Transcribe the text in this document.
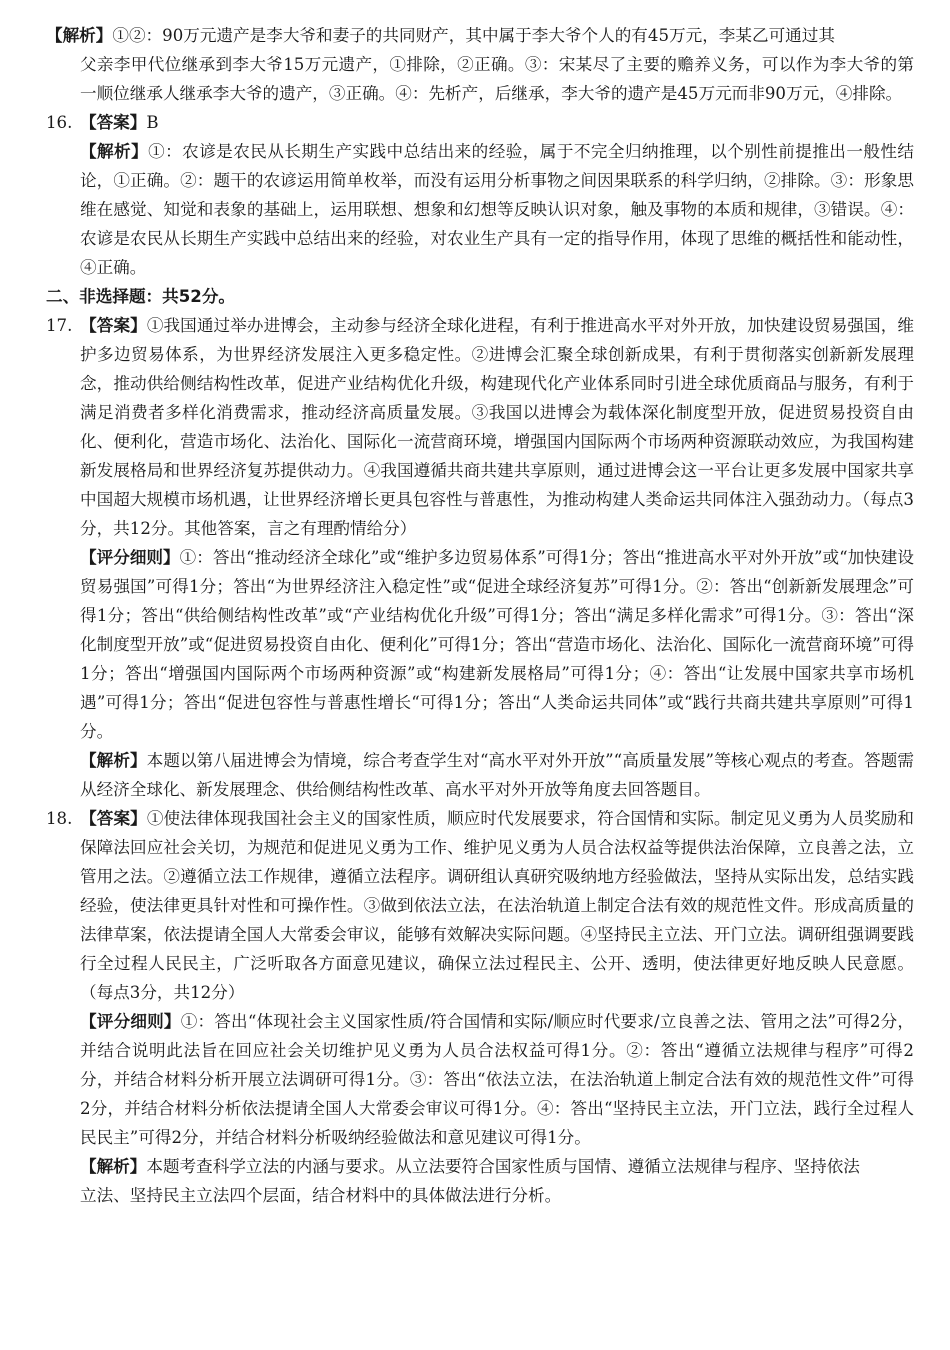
【解析】①②：90万元遗产是李大爷和妻子的共同财产，其中属于李大爷个人的有45万元，李某乙可通过其

父亲李甲代位继承到李大爷15万元遗产，①排除，②正确。③：宋某尽了主要的赡养义务，可以作为李大爷的第一顺位继承人继承李大爷的遗产，③正确。④：先析产，后继承，李大爷的遗产是45万元而非90万元，④排除。

16. 【答案】B

【解析】①：农谚是农民从长期生产实践中总结出来的经验，属于不完全归纳推理，以个别性前提推出一般性结论，①正确。②：题干的农谚运用简单枚举，而没有运用分析事物之间因果联系的科学归纳，②排除。③：形象思维在感觉、知觉和表象的基础上，运用联想、想象和幻想等反映认识对象，触及事物的本质和规律，③错误。④：农谚是农民从长期生产实践中总结出来的经验，对农业生产具有一定的指导作用，体现了思维的概括性和能动性，④正确。

二、非选择题：共52分。

17. 【答案】①我国通过举办进博会，主动参与经济全球化进程，有利于推进高水平对外开放，加快建设贸易强国，维护多边贸易体系，为世界经济发展注入更多稳定性。②进博会汇聚全球创新成果，有利于贯彻落实创新新发展理念，推动供给侧结构性改革，促进产业结构优化升级，构建现代化产业体系同时引进全球优质商品与服务，有利于满足消费者多样化消费需求，推动经济高质量发展。③我国以进博会为载体深化制度型开放，促进贸易投资自由化、便利化，营造市场化、法治化、国际化一流营商环境，增强国内国际两个市场两种资源联动效应，为我国构建新发展格局和世界经济复苏提供动力。④我国遵循共商共建共享原则，通过进博会这一平台让更多发展中国家共享中国超大规模市场机遇，让世界经济增长更具包容性与普惠性，为推动构建人类命运共同体注入强劲动力。（每点3分，共12分。其他答案，言之有理酌情给分）

【评分细则】①：答出“推动经济全球化”或“维护多边贸易体系”可得1分；答出“推进高水平对外开放”或“加快建设贸易强国”可得1分；答出“为世界经济注入稳定性”或“促进全球经济复苏”可得1分。②：答出“创新新发展理念”可得1分；答出“供给侧结构性改革”或“产业结构优化升级”可得1分；答出“满足多样化需求”可得1分。③：答出“深化制度型开放”或“促进贸易投资自由化、便利化”可得1分；答出“营造市场化、法治化、国际化一流营商环境”可得1分；答出“增强国内国际两个市场两种资源”或“构建新发展格局”可得1分；④：答出“让发展中国家共享市场机遇”可得1分；答出“促进包容性与普惠性增长“可得1分；答出“人类命运共同体”或“践行共商共建共享原则”可得1分。

【解析】本题以第八届进博会为情境，综合考查学生对“高水平对外开放”“高质量发展”等核心观点的考查。答题需从经济全球化、新发展理念、供给侧结构性改革、高水平对外开放等角度去回答题目。

18. 【答案】①使法律体现我国社会主义的国家性质，顺应时代发展要求，符合国情和实际。制定见义勇为人员奖励和保障法回应社会关切，为规范和促进见义勇为工作、维护见义勇为人员合法权益等提供法治保障，立良善之法，立管用之法。②遵循立法工作规律，遵循立法程序。调研组认真研究吸纳地方经验做法，坚持从实际出发，总结实践经验，使法律更具针对性和可操作性。③做到依法立法，在法治轨道上制定合法有效的规范性文件。形成高质量的法律草案，依法提请全国人大常委会审议，能够有效解决实际问题。④坚持民主立法、开门立法。调研组强调要践行全过程人民民主，广泛听取各方面意见建议，确保立法过程民主、公开、透明，使法律更好地反映人民意愿。（每点3分，共12分）

【评分细则】①：答出“体现社会主义国家性质/符合国情和实际/顺应时代要求/立良善之法、管用之法”可得2分，并结合说明此法旨在回应社会关切维护见义勇为人员合法权益可得1分。②：答出“遵循立法规律与程序”可得2分，并结合材料分析开展立法调研可得1分。③：答出“依法立法，在法治轨道上制定合法有效的规范性文件”可得2分，并结合材料分析依法提请全国人大常委会审议可得1分。④：答出“坚持民主立法，开门立法，践行全过程人民民主”可得2分，并结合材料分析吸纳经验做法和意见建议可得1分。

【解析】本题考查科学立法的内涵与要求。从立法要符合国家性质与国情、遵循立法规律与程序、坚持依法

立法、坚持民主立法四个层面，结合材料中的具体做法进行分析。
